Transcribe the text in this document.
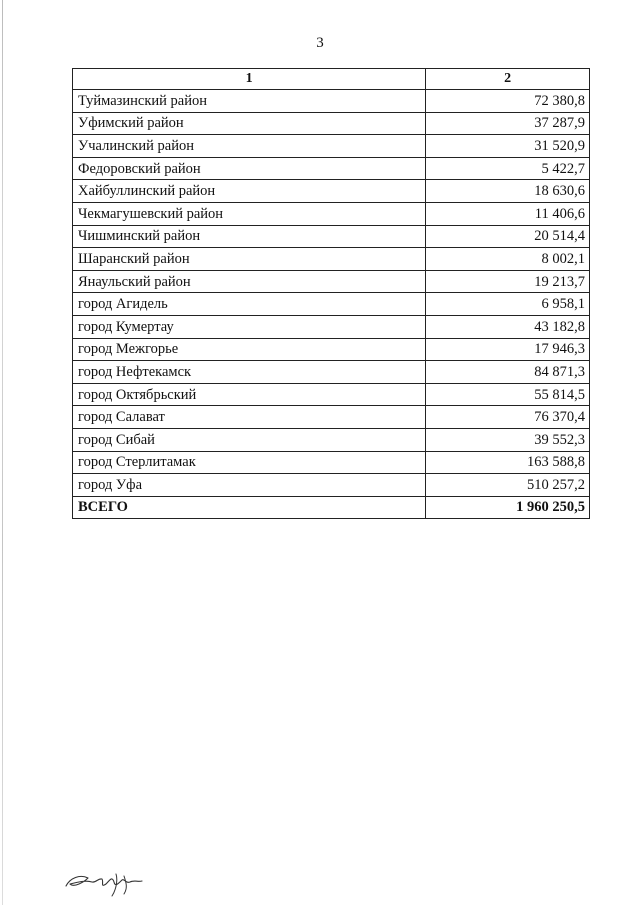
3
1	2
Туймазинский район	72 380,8
Уфимский район	37 287,9
Учалинский район	31 520,9
Федоровский район	5 422,7
Хайбуллинский район	18 630,6
Чекмагушевский район	11 406,6
Чишминский район	20 514,4
Шаранский район	8 002,1
Янаульский район	19 213,7
город Агидель	6 958,1
город Кумертау	43 182,8
город Межгорье	17 946,3
город Нефтекамск	84 871,3
город Октябрьский	55 814,5
город Салават	76 370,4
город Сибай	39 552,3
город Стерлитамак	163 588,8
город Уфа	510 257,2
ВСЕГО	1 960 250,5
